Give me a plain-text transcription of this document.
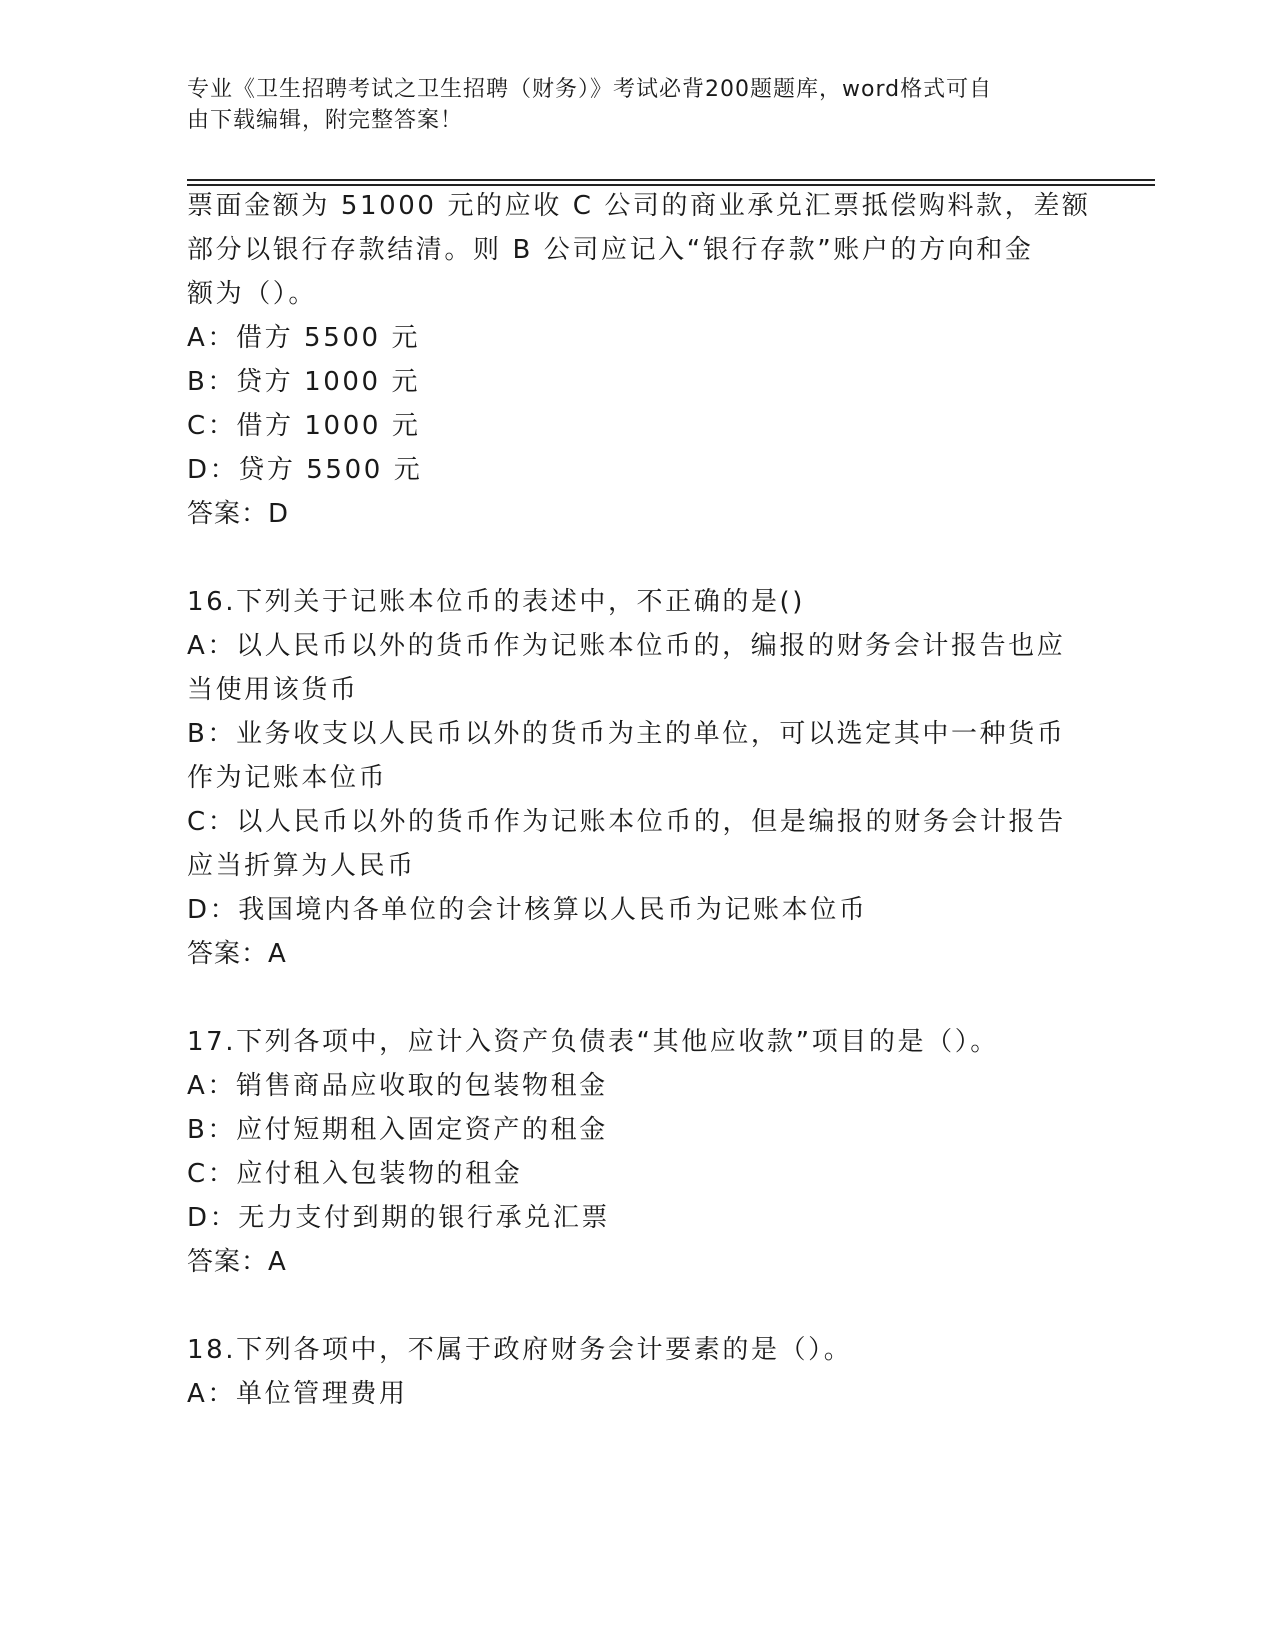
专业《卫生招聘考试之卫生招聘（财务）》考试必背200题题库，word格式可自
由下载编辑，附完整答案！
票面金额为 51000 元的应收 C 公司的商业承兑汇票抵偿购料款，差额
部分以银行存款结清。则 B 公司应记入“银行存款”账户的方向和金
额为（）。
A：借方 5500 元
B：贷方 1000 元
C：借方 1000 元
D：贷方 5500 元
答案：D
16.下列关于记账本位币的表述中，不正确的是()
A：以人民币以外的货币作为记账本位币的，编报的财务会计报告也应
当使用该货币
B：业务收支以人民币以外的货币为主的单位，可以选定其中一种货币
作为记账本位币
C：以人民币以外的货币作为记账本位币的，但是编报的财务会计报告
应当折算为人民币
D：我国境内各单位的会计核算以人民币为记账本位币
答案：A
17.下列各项中，应计入资产负债表“其他应收款”项目的是（）。
A：销售商品应收取的包装物租金
B：应付短期租入固定资产的租金
C：应付租入包装物的租金
D：无力支付到期的银行承兑汇票
答案：A
18.下列各项中，不属于政府财务会计要素的是（）。
A：单位管理费用
